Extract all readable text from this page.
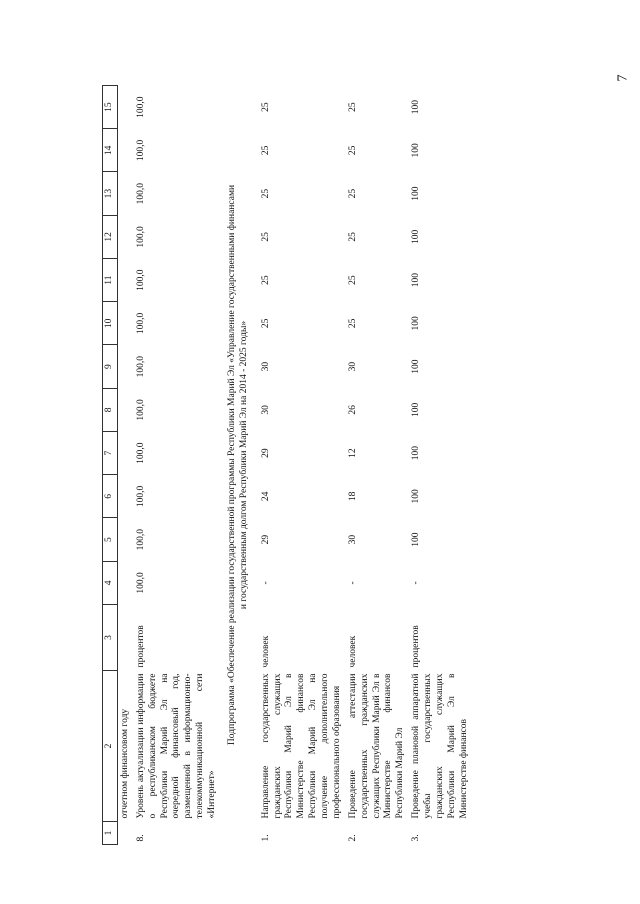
7
1	2	3	4	5	6	7	8	9	10	11	12	13	14	15
	отчетном финансовом году													
8.	Уровень актуализации информации о республиканском бюджете Республики Марий Эл на очередной финансовый год, размещенной в информационно-телекоммуникационной сети «Интернет»	процентов	100,0	100,0	100,0	100,0	100,0	100,0	100,0	100,0	100,0	100,0	100,0	100,0

Подпрограмма «Обеспечение реализации государственной программы Республики Марий Эл «Управление государственными финансами и государственным долгом Республики Марий Эл на 2014 - 2025 годы»														

1.	Направление государственных гражданских служащих Республики Марий Эл в Министерстве финансов Республики Марий Эл на получение дополнительного профессионального образования	человек	-	29	24	29	30	30	25	25	25	25	25	25
2.	Проведение аттестации государственных гражданских служащих Республики Марий Эл в Министерстве финансов Республики Марий Эл	человек	-	30	18	12	26	30	25	25	25	25	25	25
3.	Проведение плановой аппаратной учебы государственных гражданских служащих Республики Марий Эл в Министерстве финансов	процентов	-	100	100	100	100	100	100	100	100	100	100	100
